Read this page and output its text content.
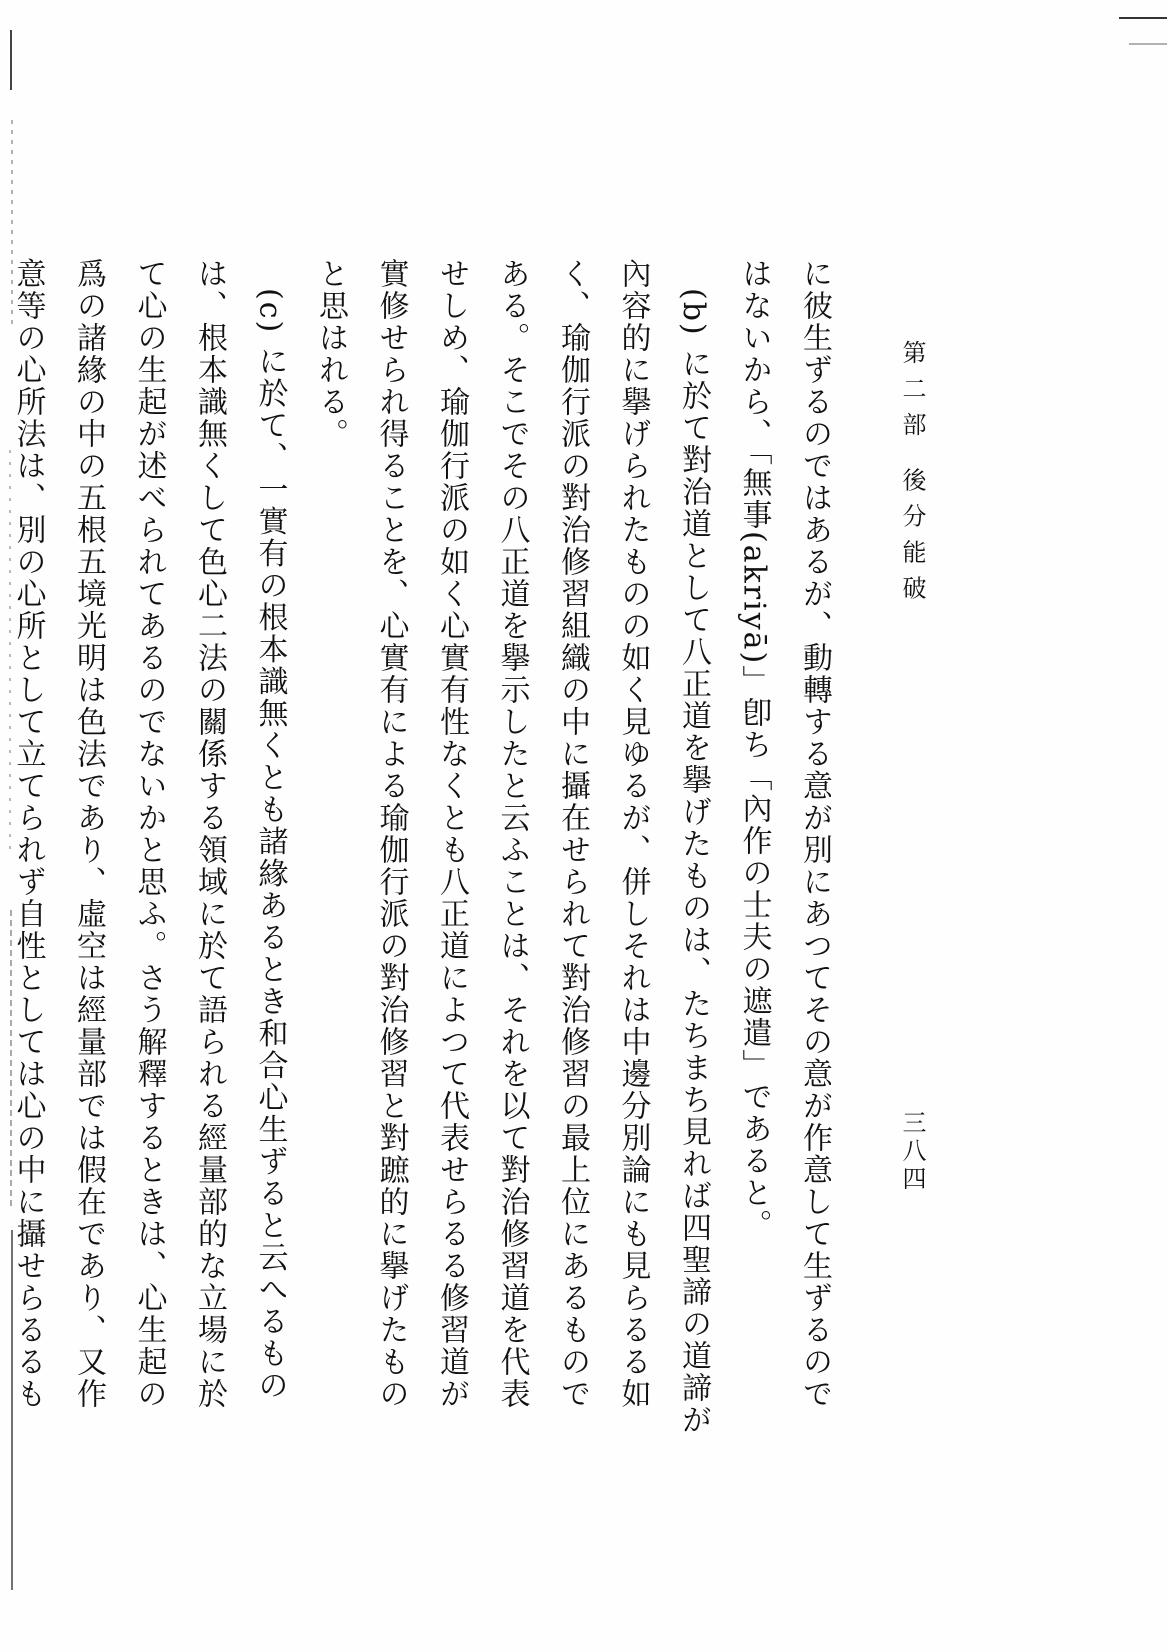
第二部 後分能破
三八四

に彼生ずるのではあるが、動轉する意が別にあつてその意が作意して生ずるのではないから、「無事(akriyā)」卽ち「內作の士夫の遮遣」であると。

(b) に於て對治道として八正道を擧げたものは、たちまち見れば四聖諦の道諦が內容的に擧げられたものの如く見ゆるが、併しそれは中邊分別論にも見らるる如く、瑜伽行派の對治修習組織の中に攝在せられて對治修習の最上位にあるものである。そこでその八正道を擧示したと云ふことは、それを以て對治修習道を代表せしめ、瑜伽行派の如く心實有性なくとも八正道によつて代表せらるる修習道が實修せられ得ることを、心實有による瑜伽行派の對治修習と對蹠的に擧げたものと思はれる。

(c) に於て、一實有の根本識無くとも諸緣あるとき和合心生ずると云へるものは、根本識無くして色心二法の關係する領域に於て語られる經量部的な立場に於て心の生起が述べられてあるのでないかと思ふ。さう解釋するときは、心生起の爲の諸緣の中の五根五境光明は色法であり、虛空は經量部では假在であり、又作意等の心所法は、別の心所として立てられず自性としては心の中に攝せらるるも
